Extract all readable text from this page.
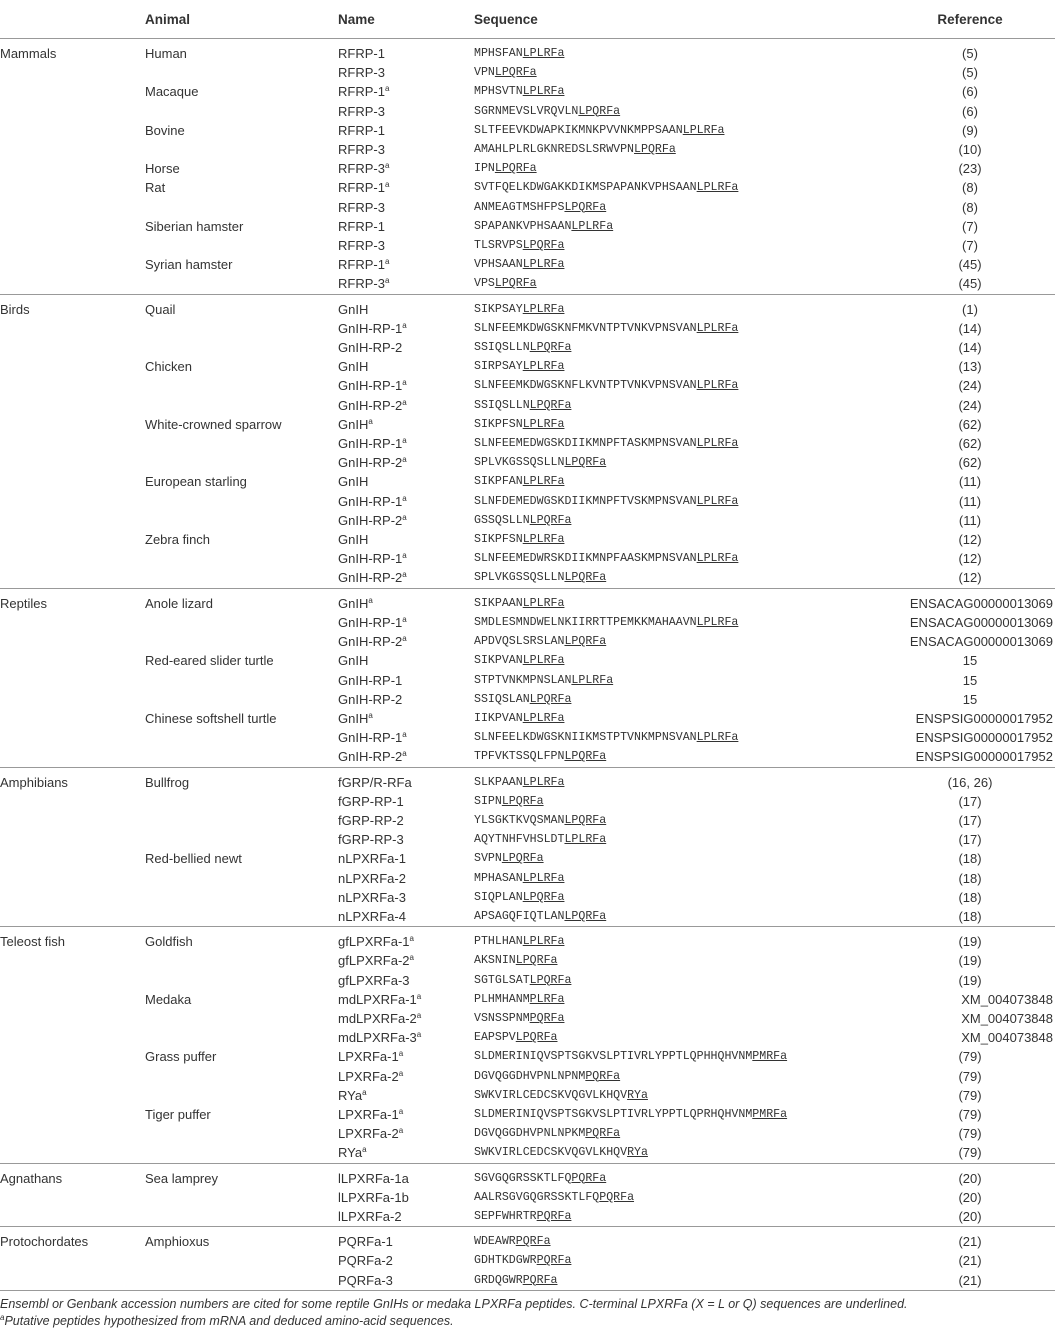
	Animal	Name	Sequence	Reference
Mammals	Human	RFRP-1	MPHSFANLPLRFa	(5)
		RFRP-3	VPNLPQRFa	(5)
	Macaque	RFRP-1$^a$	MPHSVTNLPLRFa	(6)
		RFRP-3	SGRNMEVSLVRQVLNLPQRFa	(6)
	Bovine	RFRP-1	SLTFEEVKDWAPKIKMNKPVVNKMPPSAANLPLRFa	(9)
		RFRP-3	AMAHLPLRLGKNREDSLSRWVPNLPQRFa	(10)
	Horse	RFRP-3$^a$	IPNLPQRFa	(23)
	Rat	RFRP-1$^a$	SVTFQELKDWGAKKDIKMSPAPANKVPHSAANLPLRFa	(8)
		RFRP-3	ANMEAGTMSHFPSLPQRFa	(8)
	Siberian hamster	RFRP-1	SPAPANKVPHSAANLPLRFa	(7)
		RFRP-3	TLSRVPSLPQRFa	(7)
	Syrian hamster	RFRP-1$^a$	VPHSAANLPLRFa	(45)
		RFRP-3$^a$	VPSLPQRFa	(45)
Birds	Quail	GnIH	SIKPSAYLPLRFa	(1)
		GnIH-RP-1$^a$	SLNFEEMKDWGSKNFMKVNTPTVNKVPNSVANLPLRFa	(14)
		GnIH-RP-2	SSIQSLLNLPQRFa	(14)
	Chicken	GnIH	SIRPSAYLPLRFa	(13)
		GnIH-RP-1$^a$	SLNFEEMKDWGSKNFLKVNTPTVNKVPNSVANLPLRFa	(24)
		GnIH-RP-2$^a$	SSIQSLLNLPQRFa	(24)
	White-crowned sparrow	GnIH$^a$	SIKPFSNLPLRFa	(62)
		GnIH-RP-1$^a$	SLNFEEMEDWGSKDIIKMNPFTASKMPNSVANLPLRFa	(62)
		GnIH-RP-2$^a$	SPLVKGSSQSLLNLPQRFa	(62)
	European starling	GnIH	SIKPFANLPLRFa	(11)
		GnIH-RP-1$^a$	SLNFDEMEDWGSKDIIKMNPFTVSKMPNSVANLPLRFa	(11)
		GnIH-RP-2$^a$	GSSQSLLNLPQRFa	(11)
	Zebra finch	GnIH	SIKPFSNLPLRFa	(12)
		GnIH-RP-1$^a$	SLNFEEMEDWRSKDIIKMNPFAASKMPNSVANLPLRFa	(12)
		GnIH-RP-2$^a$	SPLVKGSSQSLLNLPQRFa	(12)
Reptiles	Anole lizard	GnIH$^a$	SIKPAANLPLRFa	ENSACAG00000013069
		GnIH-RP-1$^a$	SMDLESMNDWELNKIIRRTTPEMKKMAHAAVNLPLRFa	ENSACAG00000013069
		GnIH-RP-2$^a$	APDVQSLSRSLANLPQRFa	ENSACAG00000013069
	Red-eared slider turtle	GnIH	SIKPVANLPLRFa	15
		GnIH-RP-1	STPTVNKMPNSLANLPLRFa	15
		GnIH-RP-2	SSIQSLANLPQRFa	15
	Chinese softshell turtle	GnIH$^a$	IIKPVANLPLRFa	ENSPSIG00000017952
		GnIH-RP-1$^a$	SLNFEELKDWGSKNIIKMSTPTVNKMPNSVANLPLRFa	ENSPSIG00000017952
		GnIH-RP-2$^a$	TPFVKTSSQLFPNLPQRFa	ENSPSIG00000017952
Amphibians	Bullfrog	fGRP/R-RFa	SLKPAANLPLRFa	(16, 26)
		fGRP-RP-1	SIPNLPQRFa	(17)
		fGRP-RP-2	YLSGKTKVQSMANLPQRFa	(17)
		fGRP-RP-3	AQYTNHFVHSLDTLPLRFa	(17)
	Red-bellied newt	nLPXRFa-1	SVPNLPQRFa	(18)
		nLPXRFa-2	MPHASANLPLRFa	(18)
		nLPXRFa-3	SIQPLANLPQRFa	(18)
		nLPXRFa-4	APSAGQFIQTLANLPQRFa	(18)
Teleost fish	Goldfish	gfLPXRFa-1$^a$	PTHLHANLPLRFa	(19)
		gfLPXRFa-2$^a$	AKSNINLPQRFa	(19)
		gfLPXRFa-3	SGTGLSATLPQRFa	(19)
	Medaka	mdLPXRFa-1$^a$	PLHMHANMPLRFa	XM_004073848
		mdLPXRFa-2$^a$	VSNSSPNMPQRFa	XM_004073848
		mdLPXRFa-3$^a$	EAPSPVLPQRFa	XM_004073848
	Grass puffer	LPXRFa-1$^a$	SLDMERINIQVSPTSGKVSLPTIVRLYPPTLQPHHQHVNMPMRFa	(79)
		LPXRFa-2$^a$	DGVQGGDHVPNLNPNMPQRFa	(79)
		RYa$^a$	SWKVIRLCEDCSKVQGVLKHQVRYa	(79)
	Tiger puffer	LPXRFa-1$^a$	SLDMERINIQVSPTSGKVSLPTIVRLYPPTLQPRHQHVNMPMRFa	(79)
		LPXRFa-2$^a$	DGVQGGDHVPNLNPKMPQRFa	(79)
		RYa$^a$	SWKVIRLCEDCSKVQGVLKHQVRYa	(79)
Agnathans	Sea lamprey	lLPXRFa-1a	SGVGQGRSSKTLFQPQRFa	(20)
		lLPXRFa-1b	AALRSGVGQGRSSKTLFQPQRFa	(20)
		lLPXRFa-2	SEPFWHRTRPQRFa	(20)
Protochordates	Amphioxus	PQRFa-1	WDEAWRPQRFa	(21)
		PQRFa-2	GDHTKDGWRPQRFa	(21)
		PQRFa-3	GRDQGWRPQRFa	(21)
Ensembl or Genbank accession numbers are cited for some reptile GnIHs or medaka LPXRFa peptides. C-terminal LPXRFa (X = L or Q) sequences are underlined.
$^a$Putative peptides hypothesized from mRNA and deduced amino-acid sequences.
